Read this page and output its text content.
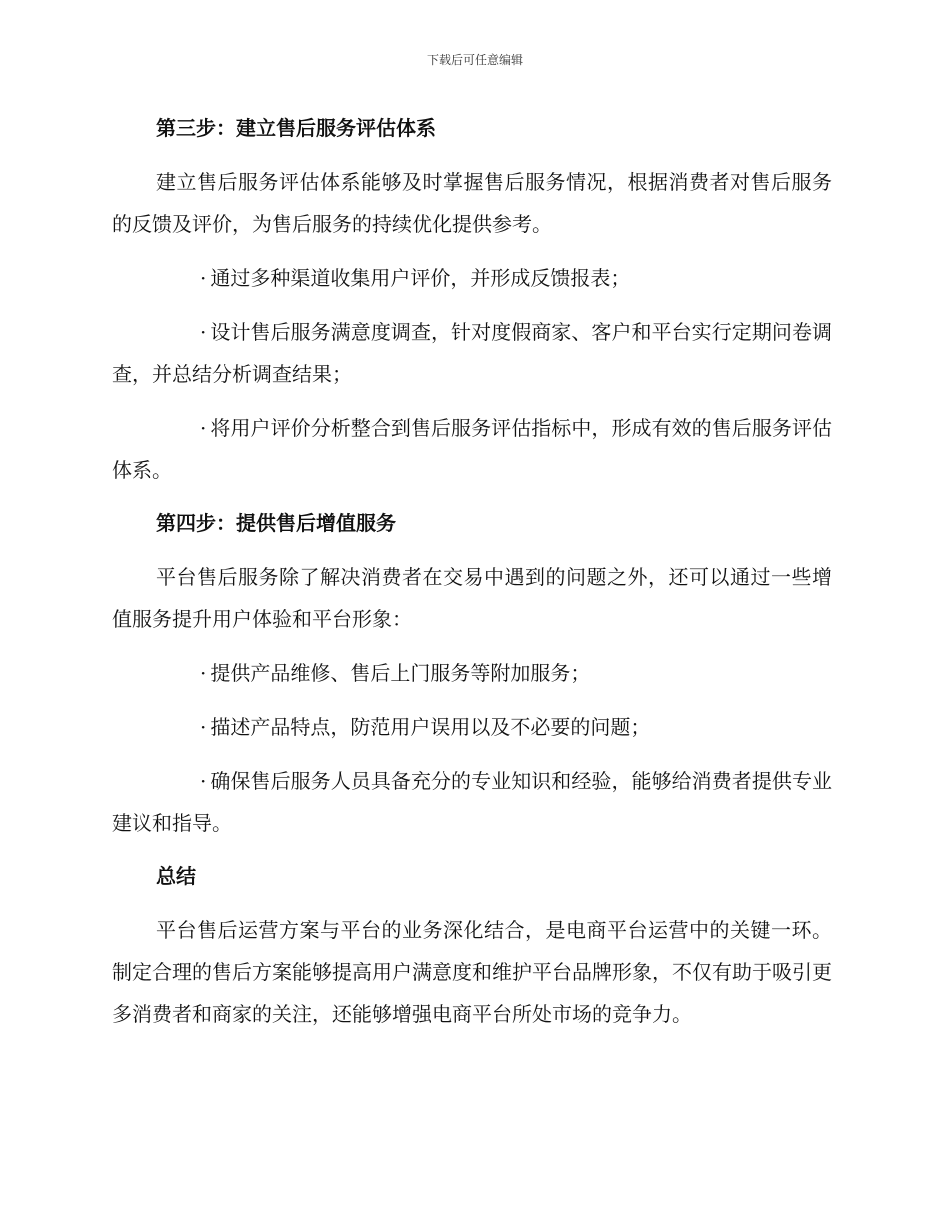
下载后可任意编辑
第三步：建立售后服务评估体系

建立售后服务评估体系能够及时掌握售后服务情况，根据消费者对售后服务的反馈及评价，为售后服务的持续优化提供参考。

· 通过多种渠道收集用户评价，并形成反馈报表；

· 设计售后服务满意度调查，针对度假商家、客户和平台实行定期问卷调查，并总结分析调查结果；

· 将用户评价分析整合到售后服务评估指标中，形成有效的售后服务评估体系。

第四步：提供售后增值服务

平台售后服务除了解决消费者在交易中遇到的问题之外，还可以通过一些增值服务提升用户体验和平台形象：

· 提供产品维修、售后上门服务等附加服务；

· 描述产品特点，防范用户误用以及不必要的问题；

· 确保售后服务人员具备充分的专业知识和经验，能够给消费者提供专业建议和指导。

总结

平台售后运营方案与平台的业务深化结合，是电商平台运营中的关键一环。制定合理的售后方案能够提高用户满意度和维护平台品牌形象，不仅有助于吸引更多消费者和商家的关注，还能够增强电商平台所处市场的竞争力。
